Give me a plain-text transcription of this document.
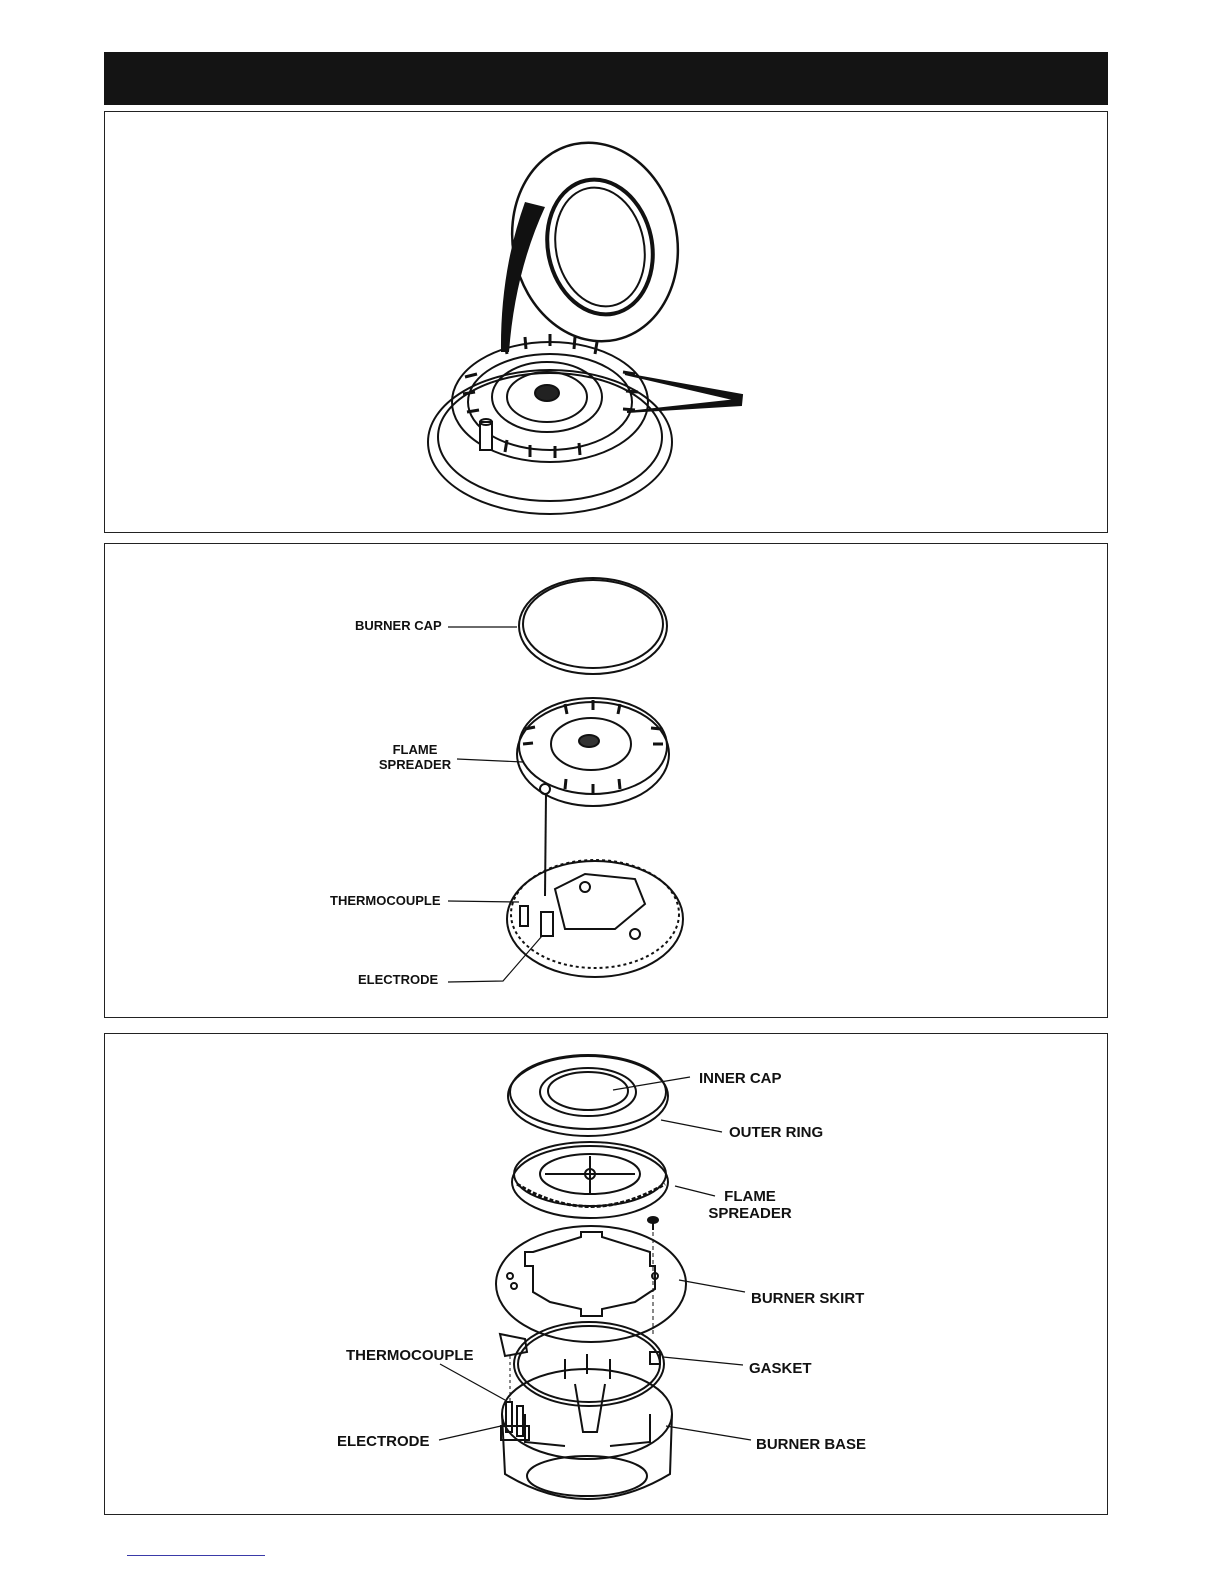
BURNER CAP
FLAME
SPREADER
THERMOCOUPLE
ELECTRODE
INNER CAP
OUTER RING
FLAME
SPREADER
BURNER SKIRT
GASKET
THERMOCOUPLE
ELECTRODE	BURNER BASE
